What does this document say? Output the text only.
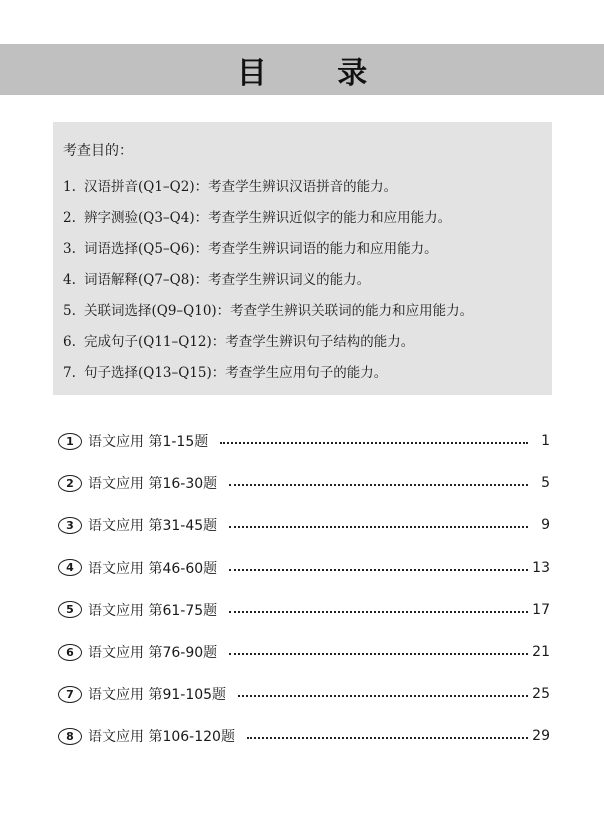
目 录
考查目的：
1. 汉语拼音(Q1–Q2)：考查学生辨识汉语拼音的能力。
2. 辨字测验(Q3–Q4)：考查学生辨识近似字的能力和应用能力。
3. 词语选择(Q5–Q6)：考查学生辨识词语的能力和应用能力。
4. 词语解释(Q7–Q8)：考查学生辨识词义的能力。
5. 关联词选择(Q9–Q10)：考查学生辨识关联词的能力和应用能力。
6. 完成句子(Q11–Q12)：考查学生辨识句子结构的能力。
7. 句子选择(Q13–Q15)：考查学生应用句子的能力。
1	语文应用 第1-15题	1
2	语文应用 第16-30题	5
3	语文应用 第31-45题	9
4	语文应用 第46-60题	13
5	语文应用 第61-75题	17
6	语文应用 第76-90题	21
7	语文应用 第91-105题	25
8	语文应用 第106-120题	29
